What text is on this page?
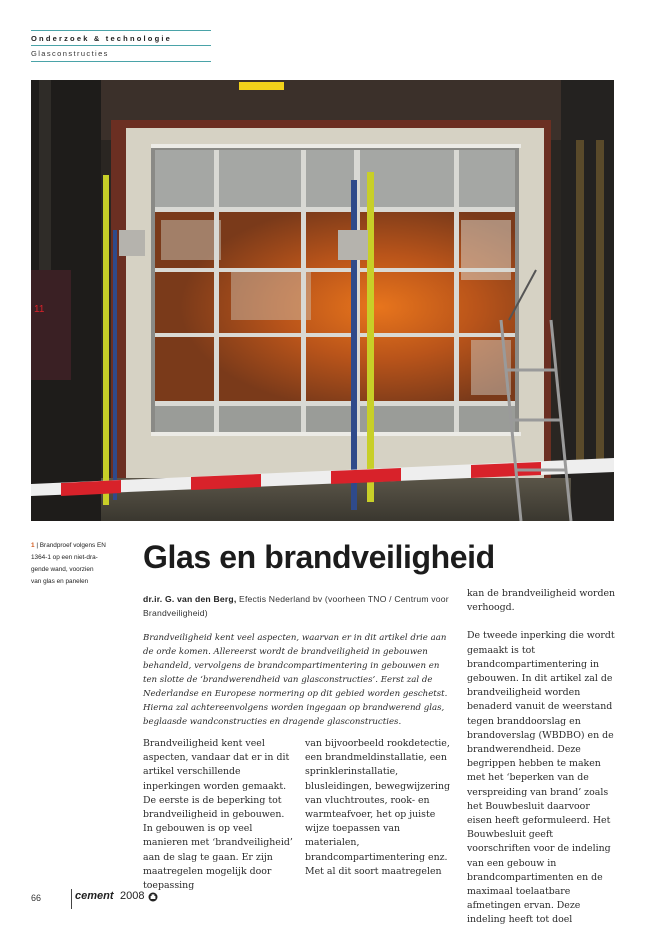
Onderzoek & technologie
Glasconstructies
11
1 | Brandproef volgens EN
1364-1 op een niet-dra-
gende wand, voorzien
van glas en panelen
Glas en brandveiligheid
dr.ir. G. van den Berg, Efectis Nederland bv (voorheen TNO / Centrum voor Brandveiligheid)

Brandveiligheid kent veel aspecten, waarvan er in dit artikel drie aan de orde komen. Allereerst wordt de brandveiligheid in gebouwen behandeld, vervolgens de brandcompartimentering in gebouwen en ten slotte de ‘brandwerendheid van glasconstructies’. Eerst zal de Nederlandse en Europese normering op dit gebied worden geschetst. Hierna zal achtereenvolgens worden ingegaan op brandwerend glas, beglaasde wandconstructies en dragende glasconstructies.

Brandveiligheid kent veel aspecten, vandaar dat er in dit artikel verschillende inperkingen worden gemaakt. De eerste is de beperking tot brandveiligheid in gebouwen. In gebouwen is op veel manieren met ‘brandveiligheid’ aan de slag te gaan. Er zijn maatregelen mogelijk door toepassing

van bijvoorbeeld rookdetectie, een brandmeldinstallatie, een sprinklerinstallatie, blusleidingen, bewegwijzering van vluchtroutes, rook- en warmteafvoer, het op juiste wijze toepassen van materialen, brandcompartimentering enz. Met al dit soort maatregelen

kan de brandveiligheid worden verhoogd.

De tweede inperking die wordt gemaakt is tot brandcompartimentering in gebouwen. In dit artikel zal de brandveiligheid worden benaderd vanuit de weerstand tegen branddoorslag en brandoverslag (WBDBO) en de brandwerendheid. Deze begrippen hebben te maken met het ‘beperken van de verspreiding van brand’ zoals het Bouwbesluit daarvoor eisen heeft geformuleerd. Het Bouwbesluit geeft voorschriften voor de indeling van een gebouw in brandcompartimenten en de maximaal toelaatbare afmetingen ervan. Deze indeling heeft tot doel

66	cement 2008
